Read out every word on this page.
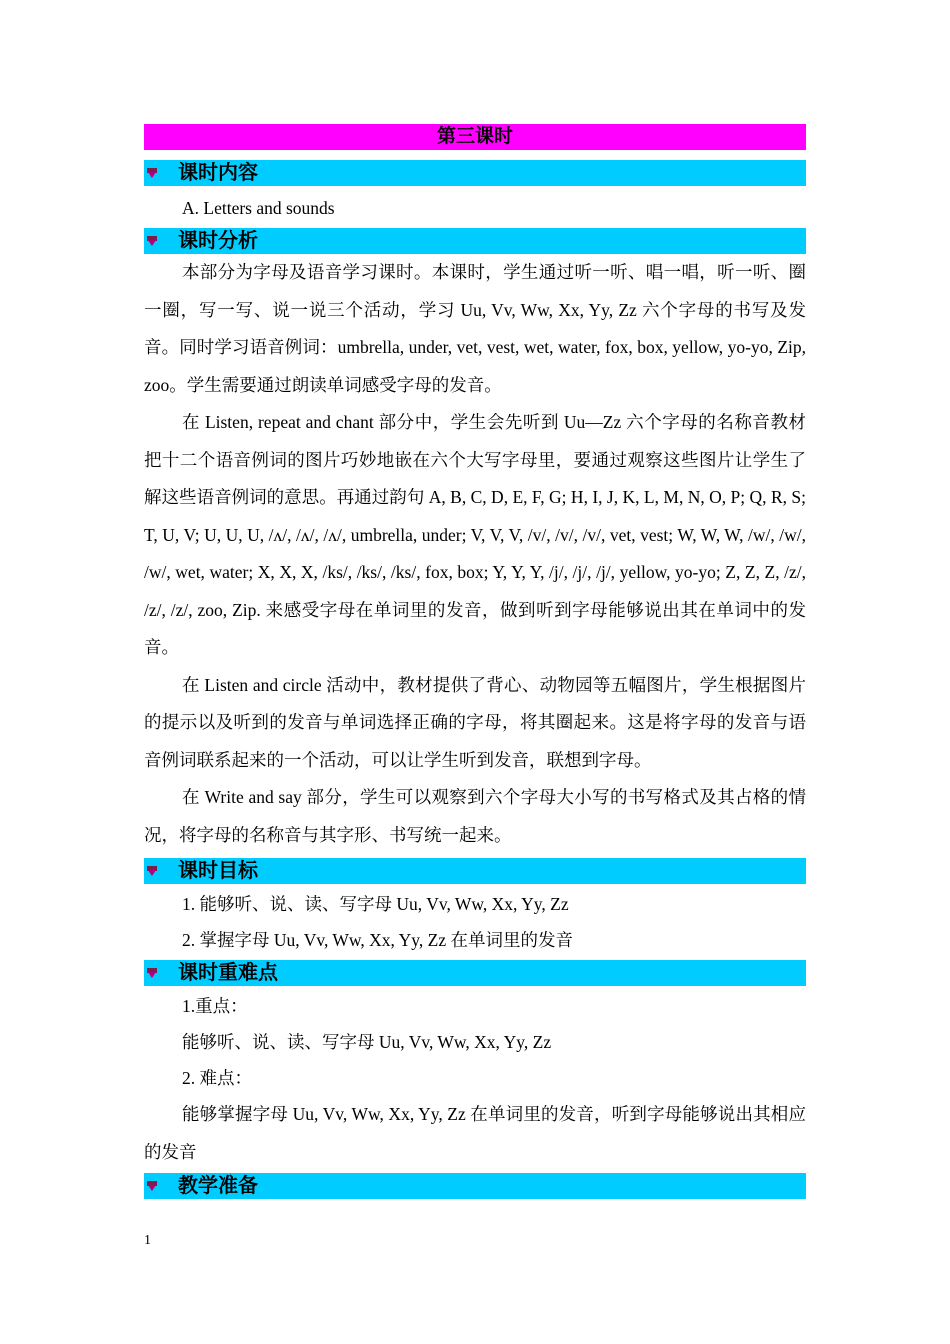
第三课时
课时内容

A. Letters and sounds

课时分析

本部分为字母及语音学习课时。本课时，学生通过听一听、唱一唱，听一听、圈一圈，写一写、说一说三个活动，学习 Uu, Vv, Ww, Xx, Yy, Zz 六个字母的书写及发音。同时学习语音例词：umbrella, under, vet, vest, wet, water, fox, box, yellow, yo-yo, Zip, zoo。学生需要通过朗读单词感受字母的发音。

在 Listen, repeat and chant 部分中，学生会先听到 Uu—Zz 六个字母的名称音教材把十二个语音例词的图片巧妙地嵌在六个大写字母里，要通过观察这些图片让学生了解这些语音例词的意思。再通过韵句 A, B, C, D, E, F, G; H, I, J, K, L, M, N, O, P; Q, R, S; T, U, V; U, U, U, /ʌ/, /ʌ/, /ʌ/, umbrella, under; V, V, V, /v/, /v/, /v/, vet, vest; W, W, W, /w/, /w/, /w/, wet, water; X, X, X, /ks/, /ks/, /ks/, fox, box; Y, Y, Y, /j/, /j/, /j/, yellow, yo-yo; Z, Z, Z, /z/, /z/, /z/, zoo, Zip. 来感受字母在单词里的发音，做到听到字母能够说出其在单词中的发音。

在 Listen and circle 活动中，教材提供了背心、动物园等五幅图片，学生根据图片的提示以及听到的发音与单词选择正确的字母，将其圈起来。这是将字母的发音与语音例词联系起来的一个活动，可以让学生听到发音，联想到字母。

在 Write and say 部分，学生可以观察到六个字母大小写的书写格式及其占格的情况，将字母的名称音与其字形、书写统一起来。

课时目标

1. 能够听、说、读、写字母 Uu, Vv, Ww, Xx, Yy, Zz

2. 掌握字母 Uu, Vv, Ww, Xx, Yy, Zz 在单词里的发音

课时重难点

1.重点：

能够听、说、读、写字母 Uu, Vv, Ww, Xx, Yy, Zz

2. 难点：

能够掌握字母 Uu, Vv, Ww, Xx, Yy, Zz 在单词里的发音，听到字母能够说出其相应的发音

教学准备
1
